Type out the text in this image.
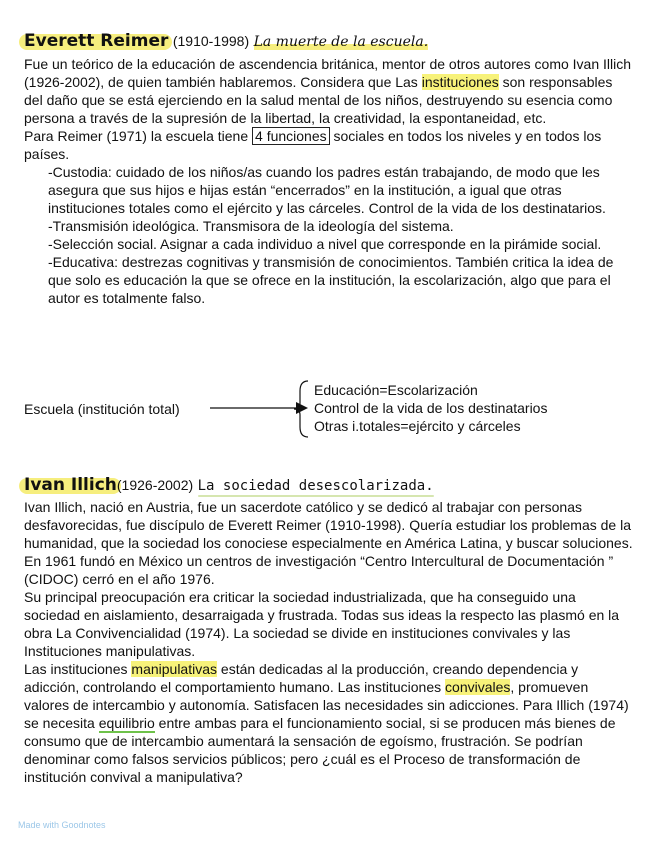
Everett Reimer (1910-1998) La muerte de la escuela.

Fue un teórico de la educación de ascendencia británica, mentor de otros autores como Ivan Illich (1926-2002), de quien también hablaremos. Considera que Las instituciones son responsables del daño que se está ejerciendo en la salud mental de los niños, destruyendo su esencia como persona a través de la supresión de la libertad, la creatividad, la espontaneidad, etc.

Para Reimer (1971) la escuela tiene 4 funciones sociales en todos los niveles y en todos los países.

-Custodia: cuidado de los niños/as cuando los padres están trabajando, de modo que les asegura que sus hijos e hijas están “encerrados” en la institución, a igual que otras instituciones totales como el ejército y las cárceles. Control de la vida de los destinatarios.

-Transmisión ideológica. Transmisora de la ideología del sistema.

-Selección social. Asignar a cada individuo a nivel que corresponde en la pirámide social.

-Educativa: destrezas cognitivas y transmisión de conocimientos. También critica la idea de que solo es educación la que se ofrece en la institución, la escolarización, algo que para el autor es totalmente falso.

Escuela (institución total)
Educación=Escolarización
Control de la vida de los destinatarios
Otras i.totales=ejército y cárceles
Ivan Illich(1926-2002) La sociedad desescolarizada.

Ivan Illich, nació en Austria, fue un sacerdote católico y se dedicó al trabajar con personas desfavorecidas, fue discípulo de Everett Reimer (1910-1998). Quería estudiar los problemas de la humanidad, que la sociedad los conociese especialmente en América Latina, y buscar soluciones. En 1961 fundó en México un centros de investigación “Centro Intercultural de Documentación ” (CIDOC) cerró en el año 1976.

Su principal preocupación era criticar la sociedad industrializada, que ha conseguido una sociedad en aislamiento, desarraigada y frustrada. Todas sus ideas la respecto las plasmó en la obra La Convivencialidad (1974). La sociedad se divide en instituciones convivales y las Instituciones manipulativas.

Las instituciones manipulativas están dedicadas al la producción, creando dependencia y adicción, controlando el comportamiento humano. Las instituciones convivales, promueven valores de intercambio y autonomía. Satisfacen las necesidades sin adicciones. Para Illich (1974) se necesita equilibrio entre ambas para el funcionamiento social, si se producen más bienes de consumo que de intercambio aumentará la sensación de egoísmo, frustración. Se podrían denominar como falsos servicios públicos; pero ¿cuál es el Proceso de transformación de institución convival a manipulativa?

Made with Goodnotes
